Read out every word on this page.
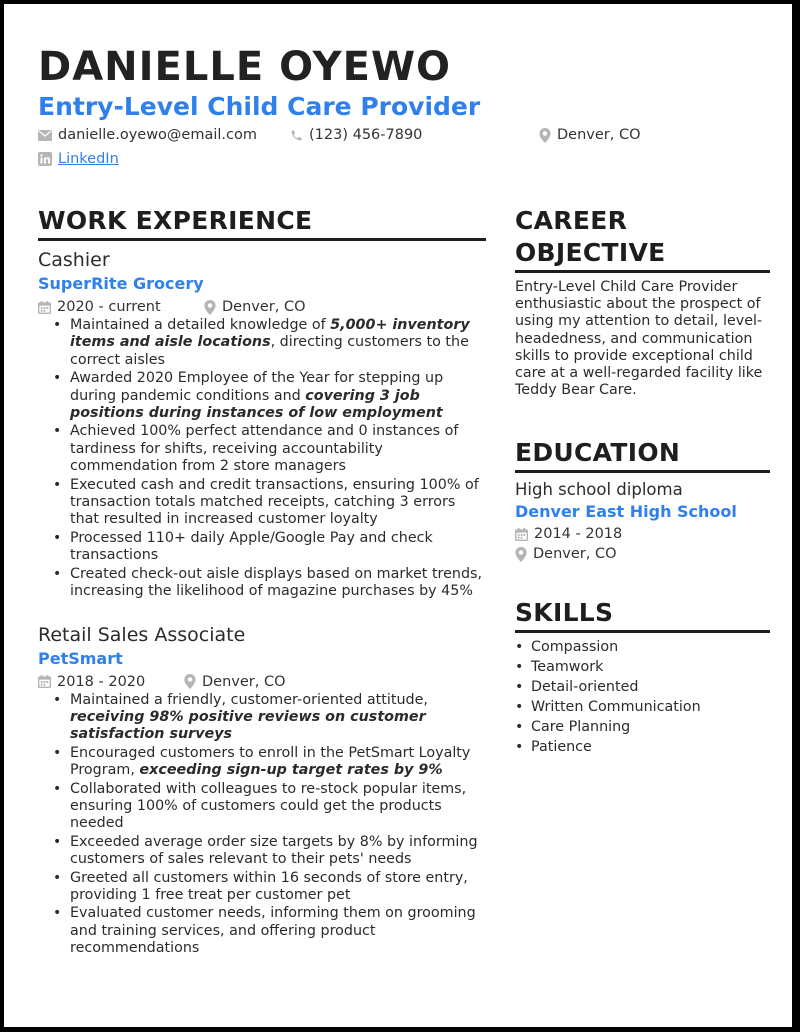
DANIELLE OYEWO
Entry-Level Child Care Provider
danielle.oyewo@email.com	(123) 456-7890	Denver, CO
LinkedIn
WORK EXPERIENCE
Cashier
SuperRite Grocery
2020 - current	Denver, CO
• Maintained a detailed knowledge of 5,000+ inventory items and aisle locations, directing customers to the correct aisles
• Awarded 2020 Employee of the Year for stepping up during pandemic conditions and covering 3 job positions during instances of low employment
• Achieved 100% perfect attendance and 0 instances of tardiness for shifts, receiving accountability commendation from 2 store managers
• Executed cash and credit transactions, ensuring 100% of transaction totals matched receipts, catching 3 errors that resulted in increased customer loyalty
• Processed 110+ daily Apple/Google Pay and check transactions
• Created check-out aisle displays based on market trends, increasing the likelihood of magazine purchases by 45%
Retail Sales Associate
PetSmart
2018 - 2020	Denver, CO
• Maintained a friendly, customer-oriented attitude, receiving 98% positive reviews on customer satisfaction surveys
• Encouraged customers to enroll in the PetSmart Loyalty Program, exceeding sign-up target rates by 9%
• Collaborated with colleagues to re-stock popular items, ensuring 100% of customers could get the products needed
• Exceeded average order size targets by 8% by informing customers of sales relevant to their pets' needs
• Greeted all customers within 16 seconds of store entry, providing 1 free treat per customer pet
• Evaluated customer needs, informing them on grooming and training services, and offering product recommendations
CAREER
OBJECTIVE
Entry-Level Child Care Provider enthusiastic about the prospect of using my attention to detail, level-headedness, and communication skills to provide exceptional child care at a well-regarded facility like Teddy Bear Care.
EDUCATION
High school diploma
Denver East High School
2014 - 2018
Denver, CO
SKILLS
• Compassion
• Teamwork
• Detail-oriented
• Written Communication
• Care Planning
• Patience
